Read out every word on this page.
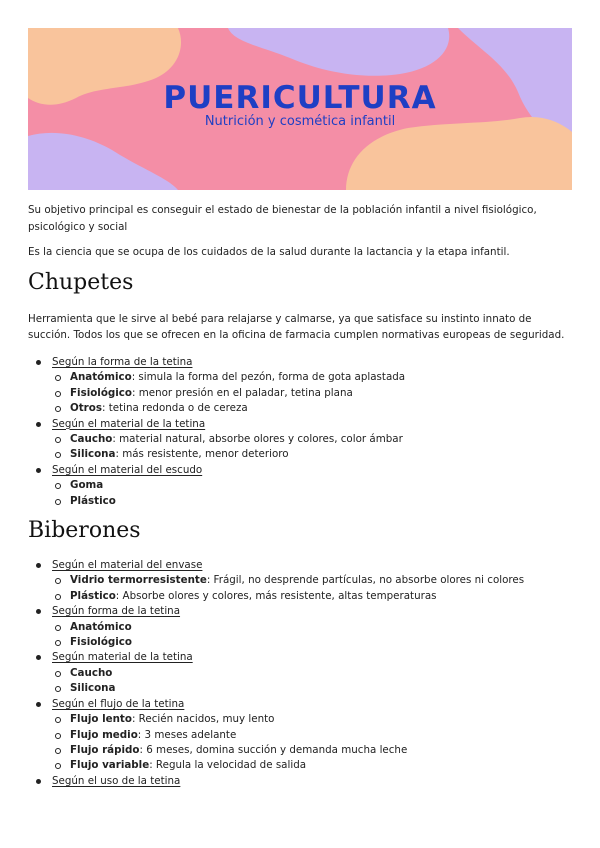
PUERICULTURA
Nutrición y cosmética infantil

Su objetivo principal es conseguir el estado de bienestar de la población infantil a nivel fisiológico, psicológico y social

Es la ciencia que se ocupa de los cuidados de la salud durante la lactancia y la etapa infantil.

Chupetes

Herramienta que le sirve al bebé para relajarse y calmarse, ya que satisface su instinto innato de succión. Todos los que se ofrecen en la oficina de farmacia cumplen normativas europeas de seguridad.

Según la forma de la tetina
Anatómico: simula la forma del pezón, forma de gota aplastada
Fisiológico: menor presión en el paladar, tetina plana
Otros: tetina redonda o de cereza
Según el material de la tetina
Caucho: material natural, absorbe olores y colores, color ámbar
Silicona: más resistente, menor deterioro
Según el material del escudo
Goma
Plástico
Biberones
Según el material del envase
Vidrio termorresistente: Frágil, no desprende partículas, no absorbe olores ni colores
Plástico: Absorbe olores y colores, más resistente, altas temperaturas
Según forma de la tetina
Anatómico
Fisiológico
Según material de la tetina
Caucho
Silicona
Según el flujo de la tetina
Flujo lento: Recién nacidos, muy lento
Flujo medio: 3 meses adelante
Flujo rápido: 6 meses, domina succión y demanda mucha leche
Flujo variable: Regula la velocidad de salida
Según el uso de la tetina
